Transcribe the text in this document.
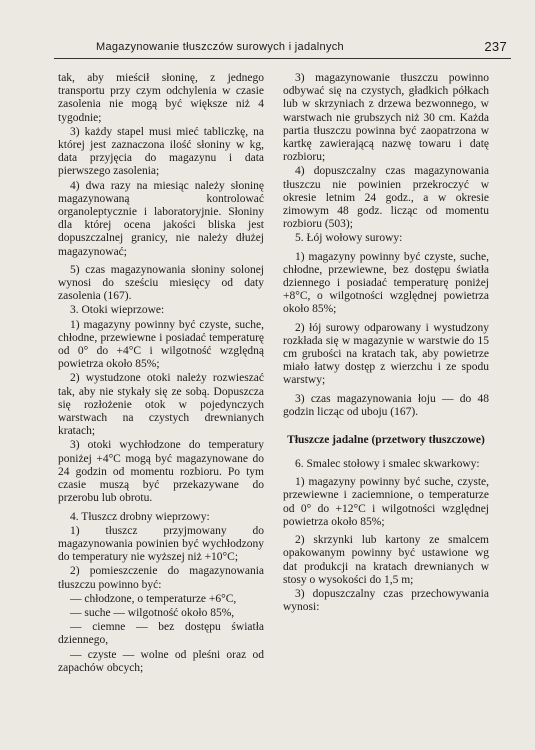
Magazynowanie tłuszczów surowych i jadalnych	237

tak, aby mieścił słoninę, z jednego transportu przy czym odchylenia w czasie zasolenia nie mogą być większe niż 4 tygodnie;

3) każdy stapel musi mieć tabliczkę, na której jest zaznaczona ilość słoniny w kg, data przyjęcia do magazynu i data pierwszego zasolenia;

4) dwa razy na miesiąc należy słoninę magazynowaną kontrolować organoleptycznie i laboratoryjnie. Słoniny dla której ocena jakości bliska jest dopuszczalnej granicy, nie należy dłużej magazynować;

5) czas magazynowania słoniny solonej wynosi do sześciu miesięcy od daty zasolenia (167).

3. Otoki wieprzowe:

1) magazyny powinny być czyste, suche, chłodne, przewiewne i posiadać temperaturę od 0° do +4°C i wilgotność względną powietrza około 85%;

2) wystudzone otoki należy rozwieszać tak, aby nie stykały się ze sobą. Dopuszcza się rozłożenie otok w pojedynczych warstwach na czystych drewnianych kratach;

3) otoki wychłodzone do temperatury poniżej +4°C mogą być magazynowane do 24 godzin od momentu rozbioru. Po tym czasie muszą być przekazywane do przerobu lub obrotu.

4. Tłuszcz drobny wieprzowy:

1) tłuszcz przyjmowany do magazynowania powinien być wychłodzony do temperatury nie wyższej niż +10°C;

2) pomieszczenie do magazynowania tłuszczu powinno być:

— chłodzone, o temperaturze +6°C,

— suche — wilgotność około 85%,

— ciemne — bez dostępu światła dziennego,

— czyste — wolne od pleśni oraz od zapachów obcych;

3) magazynowanie tłuszczu powinno odbywać się na czystych, gładkich półkach lub w skrzyniach z drzewa bezwonnego, w warstwach nie grubszych niż 30 cm. Każda partia tłuszczu powinna być zaopatrzona w kartkę zawierającą nazwę towaru i datę rozbioru;

4) dopuszczalny czas magazynowania tłuszczu nie powinien przekroczyć w okresie letnim 24 godz., a w okresie zimowym 48 godz. licząc od momentu rozbioru (503);

5. Łój wołowy surowy:

1) magazyny powinny być czyste, suche, chłodne, przewiewne, bez dostępu światła dziennego i posiadać temperaturę poniżej +8°C, o wilgotności względnej powietrza około 85%;

2) łój surowy odparowany i wystudzony rozkłada się w magazynie w warstwie do 15 cm grubości na kratach tak, aby powietrze miało łatwy dostęp z wierzchu i ze spodu warstwy;

3) czas magazynowania łoju — do 48 godzin licząc od uboju (167).

Tłuszcze jadalne (przetwory tłuszczowe)

6. Smalec stołowy i smalec skwarkowy:

1) magazyny powinny być suche, czyste, przewiewne i zaciemnione, o temperaturze od 0° do +12°C i wilgotności względnej powietrza około 85%;

2) skrzynki lub kartony ze smalcem opakowanym powinny być ustawione wg dat produkcji na kratach drewnianych w stosy o wysokości do 1,5 m;

3) dopuszczalny czas przechowywania wynosi:
